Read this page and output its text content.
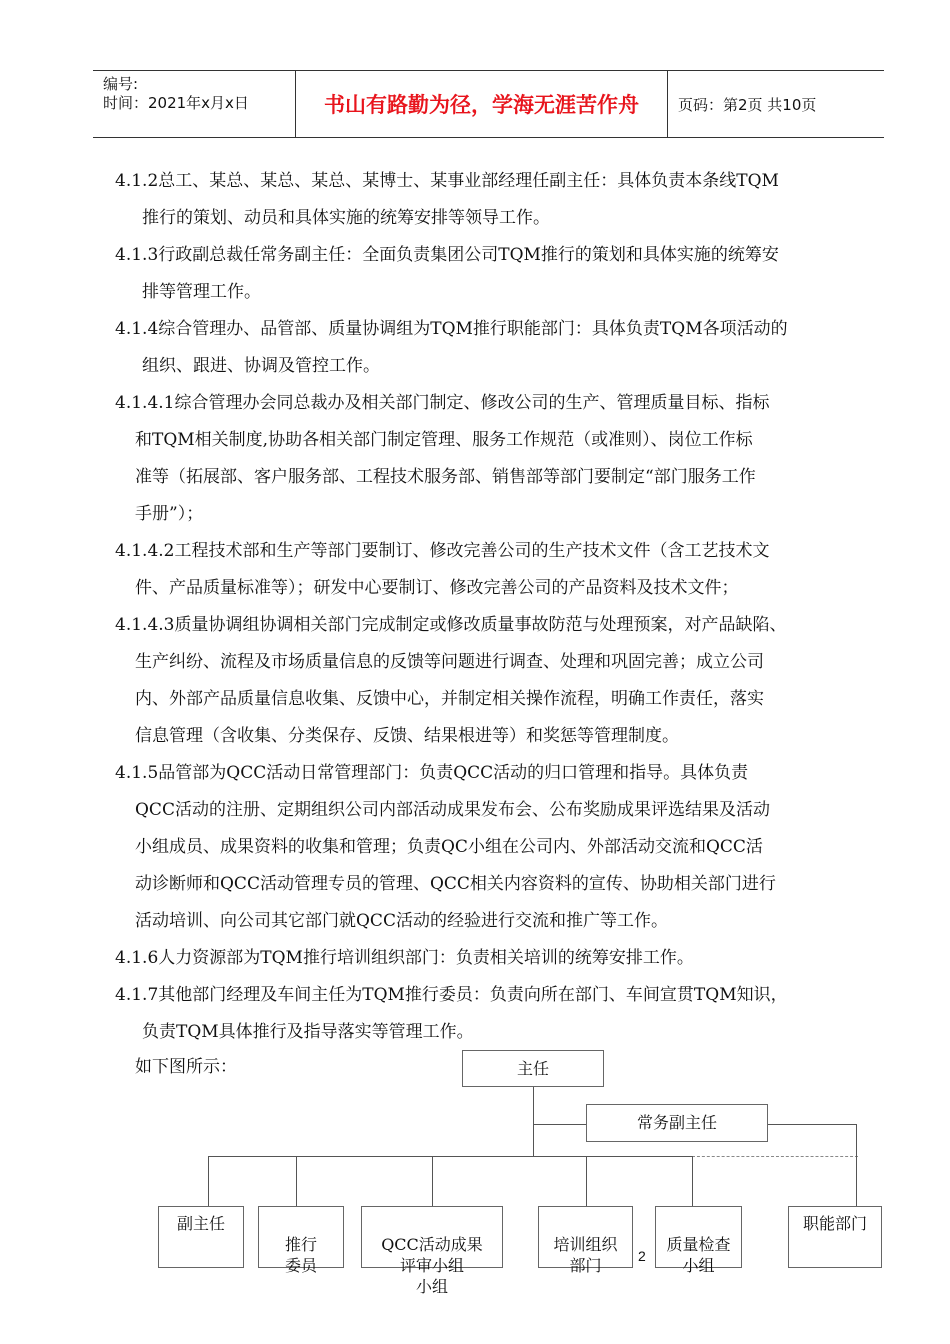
编号:
时间：2021年x月x日	书山有路勤为径，学海无涯苦作舟	页码：第2页 共10页

4.1.2总工、某总、某总、某总、某博士、某事业部经理任副主任：具体负责本条线TQM
推行的策划、动员和具体实施的统筹安排等领导工作。

4.1.3行政副总裁任常务副主任：全面负责集团公司TQM推行的策划和具体实施的统筹安
排等管理工作。

4.1.4综合管理办、品管部、质量协调组为TQM推行职能部门：具体负责TQM各项活动的
组织、跟进、协调及管控工作。

4.1.4.1综合管理办会同总裁办及相关部门制定、修改公司的生产、管理质量目标、指标
和TQM相关制度,协助各相关部门制定管理、服务工作规范（或准则）、岗位工作标
准等（拓展部、客户服务部、工程技术服务部、销售部等部门要制定“部门服务工作
手册”）；

4.1.4.2工程技术部和生产等部门要制订、修改完善公司的生产技术文件（含工艺技术文
件、产品质量标准等）；研发中心要制订、修改完善公司的产品资料及技术文件；

4.1.4.3质量协调组协调相关部门完成制定或修改质量事故防范与处理预案，对产品缺陷、
生产纠纷、流程及市场质量信息的反馈等问题进行调查、处理和巩固完善；成立公司
内、外部产品质量信息收集、反馈中心，并制定相关操作流程，明确工作责任，落实
信息管理（含收集、分类保存、反馈、结果根进等）和奖惩等管理制度。

4.1.5品管部为QCC活动日常管理部门：负责QCC活动的归口管理和指导。具体负责
QCC活动的注册、定期组织公司内部活动成果发布会、公布奖励成果评选结果及活动
小组成员、成果资料的收集和管理；负责QC小组在公司内、外部活动交流和QCC活
动诊断师和QCC活动管理专员的管理、QCC相关内容资料的宣传、协助相关部门进行
活动培训、向公司其它部门就QCC活动的经验进行交流和推广等工作。

4.1.6人力资源部为TQM推行培训组织部门：负责相关培训的统筹安排工作。

4.1.7其他部门经理及车间主任为TQM推行委员：负责向所在部门、车间宣贯TQM知识，
负责TQM具体推行及指导落实等管理工作。

如下图所示：	主任
常务副主任
副主任

推行
委员

QCC活动成果
评审小组
小组

培训组织
部门

质量检查
小组

职能部门
2
